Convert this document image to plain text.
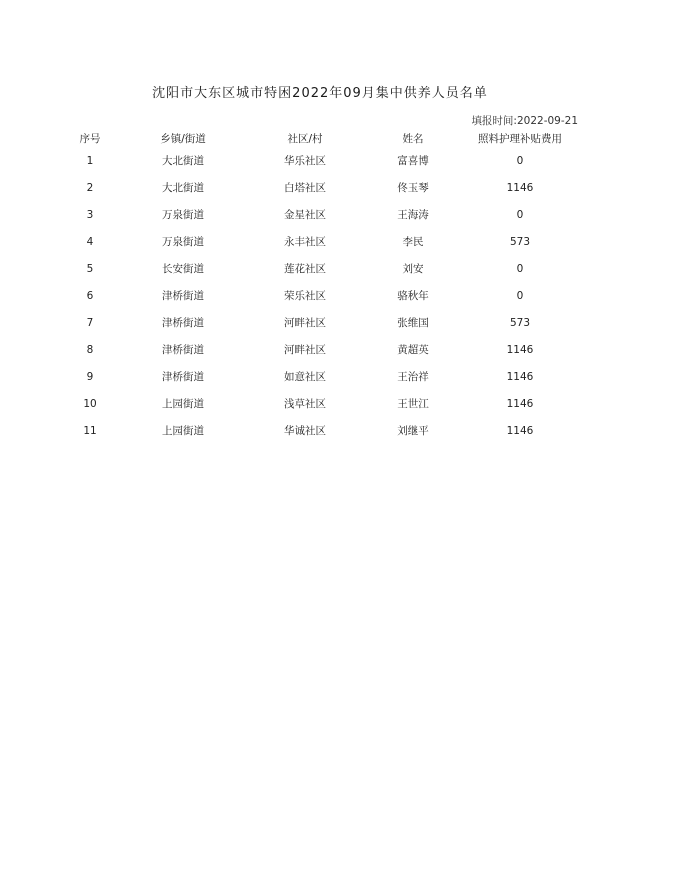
沈阳市大东区城市特困2022年09月集中供养人员名单
填报时间:2022-09-21
序号	乡镇/街道	社区/村	姓名	照料护理补贴费用
1	大北街道	华乐社区	富喜博	0
2	大北街道	白塔社区	佟玉琴	1146
3	万泉街道	金星社区	王海涛	0
4	万泉街道	永丰社区	李民	573
5	长安街道	莲花社区	刘安	0
6	津桥街道	荣乐社区	骆秋年	0
7	津桥街道	河畔社区	张维国	573
8	津桥街道	河畔社区	黄超英	1146
9	津桥街道	如意社区	王治祥	1146
10	上园街道	浅草社区	王世江	1146
11	上园街道	华诚社区	刘继平	1146
